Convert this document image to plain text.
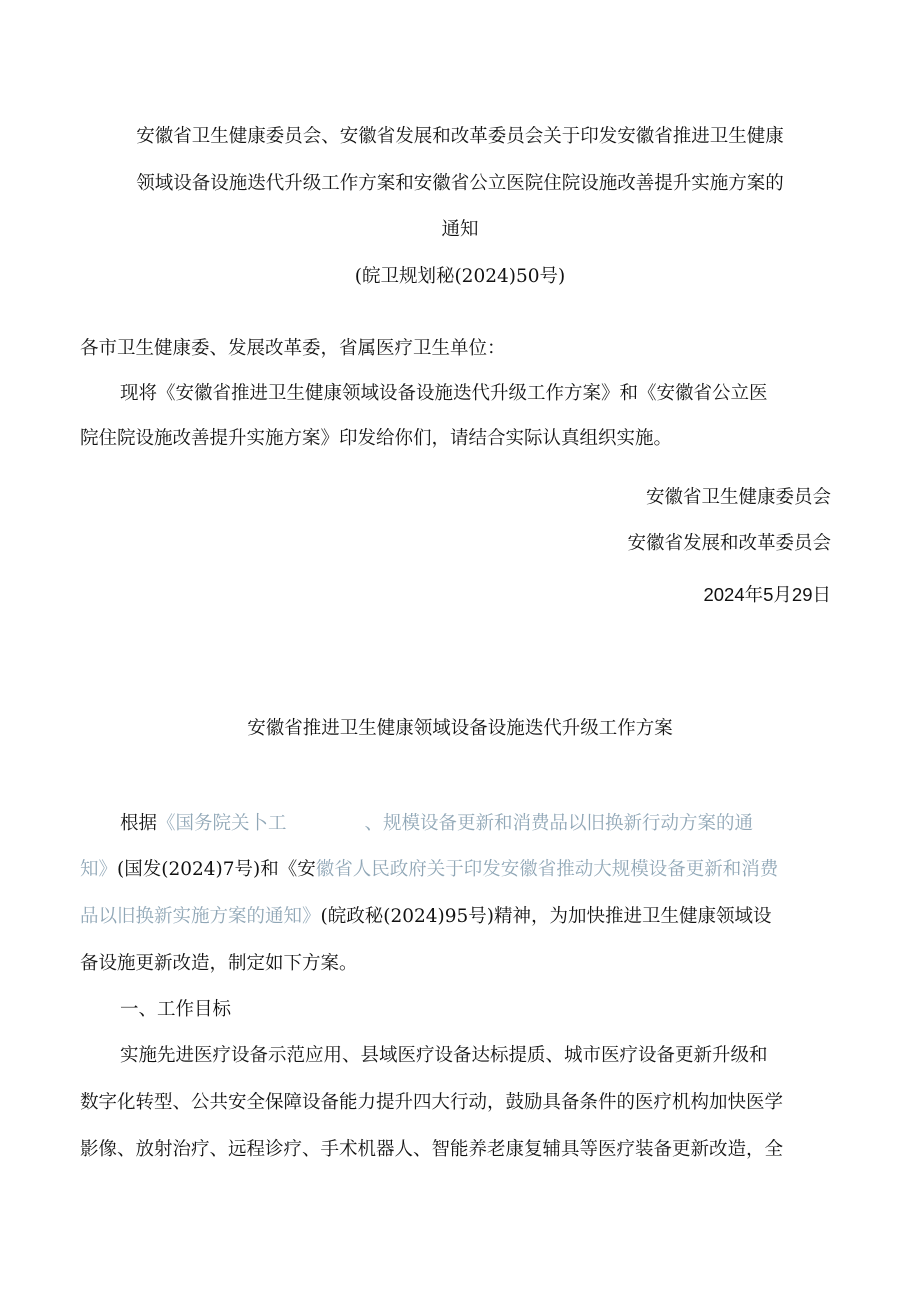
安徽省卫生健康委员会、安徽省发展和改革委员会关于印发安徽省推进卫生健康
领域设备设施迭代升级工作方案和安徽省公立医院住院设施改善提升实施方案的
通知
(皖卫规划秘(2024)50号)
各市卫生健康委、发展改革委，省属医疗卫生单位：
现将《安徽省推进卫生健康领域设备设施迭代升级工作方案》和《安徽省公立医
院住院设施改善提升实施方案》印发给你们，请结合实际认真组织实施。
安徽省卫生健康委员会
安徽省发展和改革委员会
2024年5月29日
安徽省推进卫生健康领域设备设施迭代升级工作方案
根据《国务院关卜工	、规模设备更新和消费品以旧换新行动方案的通
知》(国发(2024)7号)和《安徽省人民政府关于印发安徽省推动大规模设备更新和消费
品以旧换新实施方案的通知》(皖政秘(2024)95号)精神，为加快推进卫生健康领域设
备设施更新改造，制定如下方案。
一、工作目标
实施先进医疗设备示范应用、县域医疗设备达标提质、城市医疗设备更新升级和
数字化转型、公共安全保障设备能力提升四大行动，鼓励具备条件的医疗机构加快医学
影像、放射治疗、远程诊疗、手术机器人、智能养老康复辅具等医疗装备更新改造，全
